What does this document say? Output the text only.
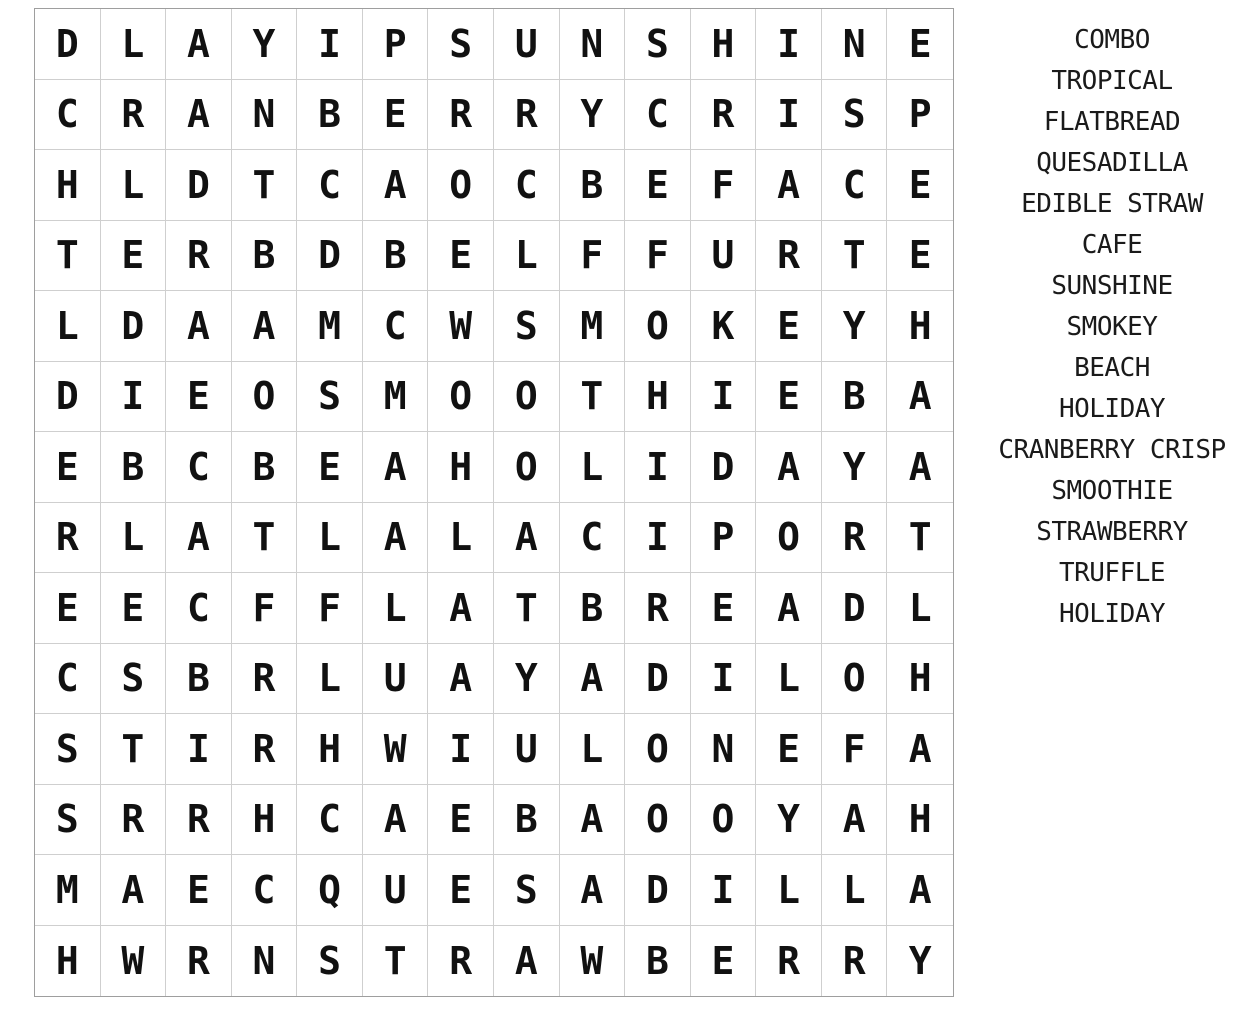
D	L	A	Y	I	P	S	U	N	S	H	I	N	E
C	R	A	N	B	E	R	R	Y	C	R	I	S	P
H	L	D	T	C	A	O	C	B	E	F	A	C	E
T	E	R	B	D	B	E	L	F	F	U	R	T	E
L	D	A	A	M	C	W	S	M	O	K	E	Y	H
D	I	E	O	S	M	O	O	T	H	I	E	B	A
E	B	C	B	E	A	H	O	L	I	D	A	Y	A
R	L	A	T	L	A	L	A	C	I	P	O	R	T
E	E	C	F	F	L	A	T	B	R	E	A	D	L
C	S	B	R	L	U	A	Y	A	D	I	L	O	H
S	T	I	R	H	W	I	U	L	O	N	E	F	A
S	R	R	H	C	A	E	B	A	O	O	Y	A	H
M	A	E	C	Q	U	E	S	A	D	I	L	L	A
H	W	R	N	S	T	R	A	W	B	E	R	R	Y
COMBO
TROPICAL
FLATBREAD
QUESADILLA
EDIBLE STRAW
CAFE
SUNSHINE
SMOKEY
BEACH
HOLIDAY
CRANBERRY CRISP
SMOOTHIE
STRAWBERRY
TRUFFLE
HOLIDAY
